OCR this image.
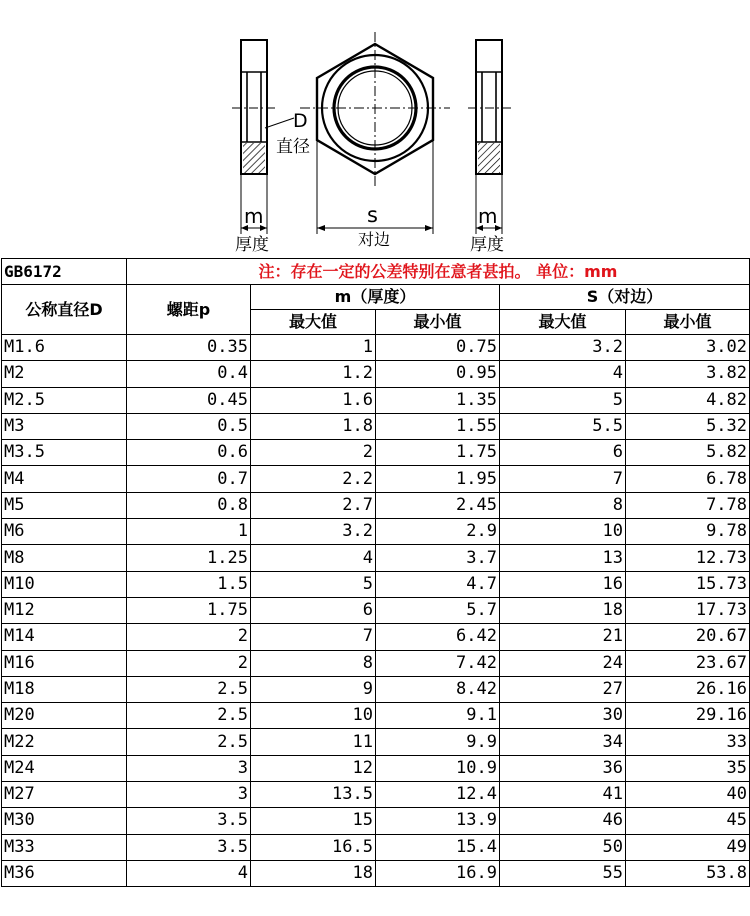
D
直径
m
厚度
s
对边
m
厚度
GB6172	注：存在一定的公差特别在意者甚拍。 单位：mm				
公称直径D	螺距p	m（厚度）		S（对边）	
		最大值	最小值	最大值	最小值
M1.6	0.35	1	0.75	3.2	3.02
M2	0.4	1.2	0.95	4	3.82
M2.5	0.45	1.6	1.35	5	4.82
M3	0.5	1.8	1.55	5.5	5.32
M3.5	0.6	2	1.75	6	5.82
M4	0.7	2.2	1.95	7	6.78
M5	0.8	2.7	2.45	8	7.78
M6	1	3.2	2.9	10	9.78
M8	1.25	4	3.7	13	12.73
M10	1.5	5	4.7	16	15.73
M12	1.75	6	5.7	18	17.73
M14	2	7	6.42	21	20.67
M16	2	8	7.42	24	23.67
M18	2.5	9	8.42	27	26.16
M20	2.5	10	9.1	30	29.16
M22	2.5	11	9.9	34	33
M24	3	12	10.9	36	35
M27	3	13.5	12.4	41	40
M30	3.5	15	13.9	46	45
M33	3.5	16.5	15.4	50	49
M36	4	18	16.9	55	53.8
